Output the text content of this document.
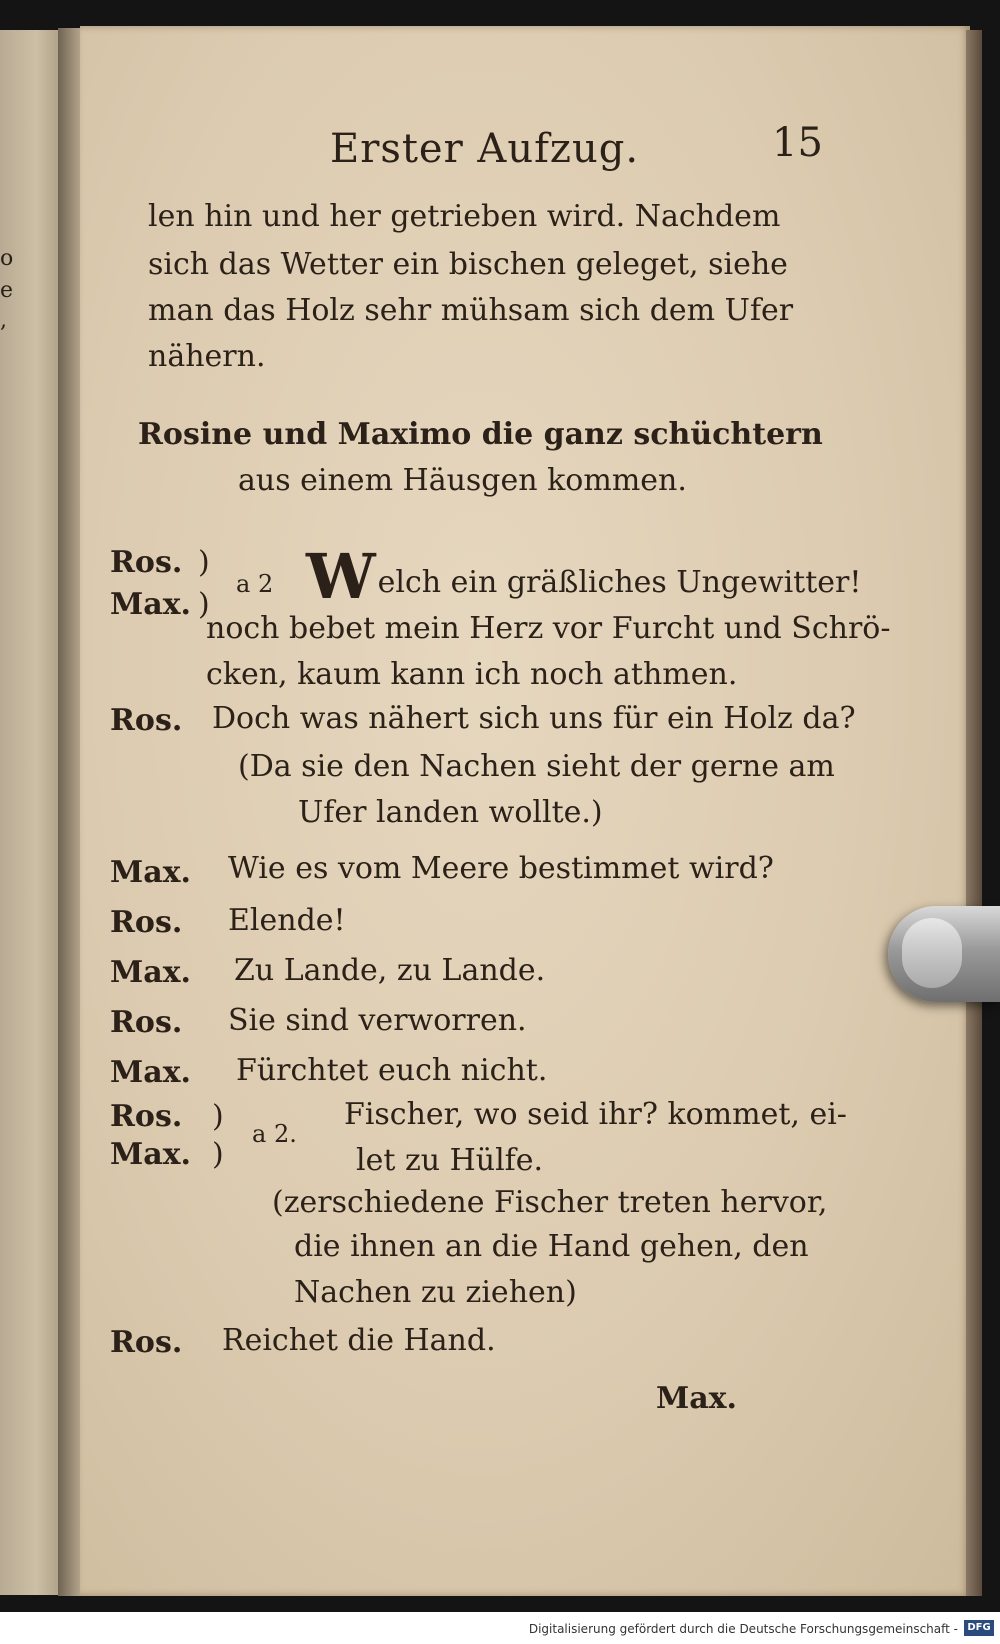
o
e
,
Erster Aufzug.	15
len hin und her getrieben wird. Nachdem
sich das Wetter ein bischen geleget, siehe
man das Holz sehr mühsam sich dem Ufer
nähern.
Rosine und Maximo die ganz schüchtern
aus einem Häusgen kommen.
Ros.
Max.
)
)
a 2 Welch ein gräßliches Ungewitter!
noch bebet mein Herz vor Furcht und Schrö-
cken, kaum kann ich noch athmen.
Ros. Doch was nähert sich uns für ein Holz da?
(Da sie den Nachen sieht der gerne am
Ufer landen wollte.)
Max. Wie es vom Meere bestimmet wird?
Ros. Elende!
Max. Zu Lande, zu Lande.
Ros. Sie sind verworren.
Max. Fürchtet euch nicht.
Ros.
Max.
)
)
a 2.
Fischer, wo seid ihr? kommet, ei-
let zu Hülfe.
(zerschiedene Fischer treten hervor,
die ihnen an die Hand gehen, den
Nachen zu ziehen)
Ros. Reichet die Hand.
Max.
Digitalisierung gefördert durch die Deutsche Forschungsgemeinschaft - DFG
